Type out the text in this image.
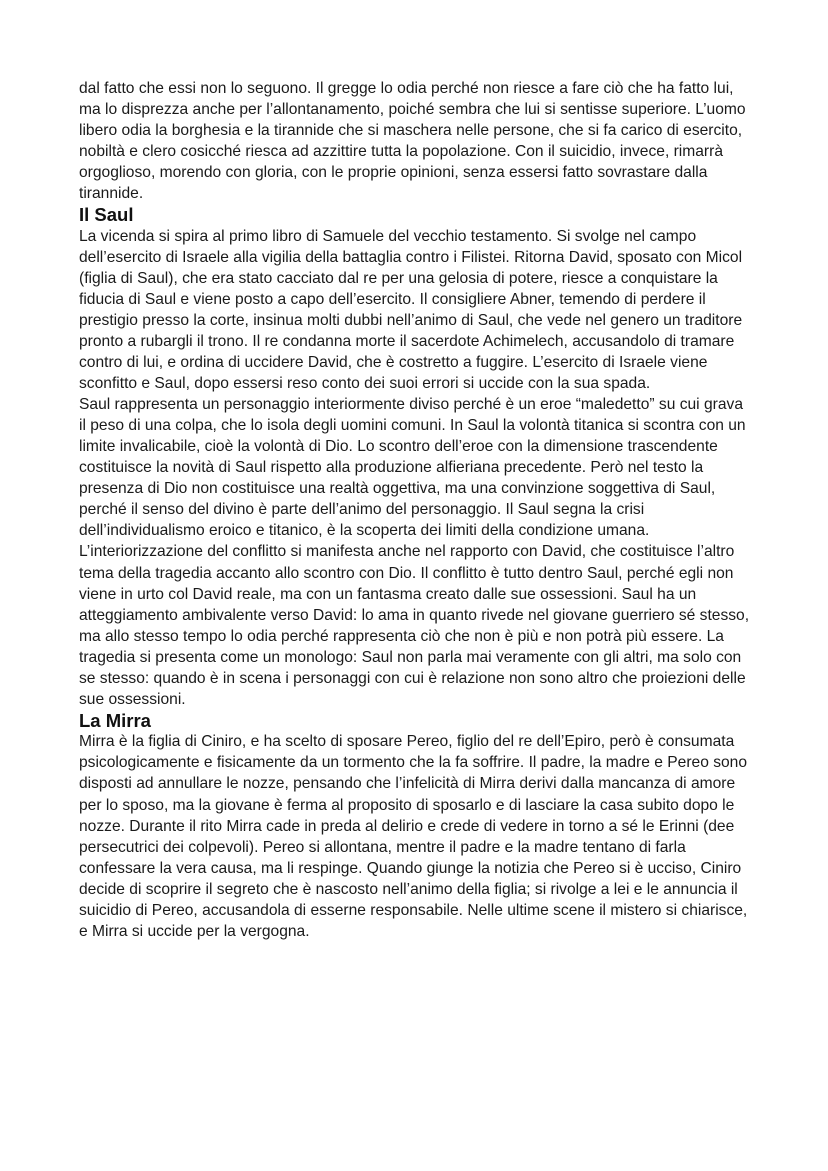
dal fatto che essi non lo seguono. Il gregge lo odia perché non riesce a fare ciò che ha fatto lui, ma lo disprezza anche per l’allontanamento, poiché sembra che lui si sentisse superiore. L’uomo libero odia la borghesia e la tirannide che si maschera nelle persone, che si fa carico di esercito, nobiltà e clero cosicché riesca ad azzittire tutta la popolazione. Con il suicidio, invece, rimarrà orgoglioso, morendo con gloria, con le proprie opinioni, senza essersi fatto sovrastare dalla tirannide.

Il Saul

La vicenda si spira al primo libro di Samuele del vecchio testamento. Si svolge nel campo dell’esercito di Israele alla vigilia della battaglia contro i Filistei. Ritorna David, sposato con Micol (figlia di Saul), che era stato cacciato dal re per una gelosia di potere, riesce a conquistare la fiducia di Saul e viene posto a capo dell’esercito. Il consigliere Abner, temendo di perdere il prestigio presso la corte, insinua molti dubbi nell’animo di Saul, che vede nel genero un traditore pronto a rubargli il trono. Il re condanna morte il sacerdote Achimelech, accusandolo di tramare contro di lui, e ordina di uccidere David, che è costretto a fuggire. L’esercito di Israele viene sconfitto e Saul, dopo essersi reso conto dei suoi errori si uccide con la sua spada.

Saul rappresenta un personaggio interiormente diviso perché è un eroe “maledetto” su cui grava il peso di una colpa, che lo isola degli uomini comuni. In Saul la volontà titanica si scontra con un limite invalicabile, cioè la volontà di Dio. Lo scontro dell’eroe con la dimensione trascendente costituisce la novità di Saul rispetto alla produzione alfieriana precedente. Però nel testo la presenza di Dio non costituisce una realtà oggettiva, ma una convinzione soggettiva di Saul, perché il senso del divino è parte dell’animo del personaggio. Il Saul segna la crisi dell’individualismo eroico e titanico, è la scoperta dei limiti della condizione umana. L’interiorizzazione del conflitto si manifesta anche nel rapporto con David, che costituisce l’altro tema della tragedia accanto allo scontro con Dio. Il conflitto è tutto dentro Saul, perché egli non viene in urto col David reale, ma con un fantasma creato dalle sue ossessioni. Saul ha un atteggiamento ambivalente verso David: lo ama in quanto rivede nel giovane guerriero sé stesso, ma allo stesso tempo lo odia perché rappresenta ciò che non è più e non potrà più essere. La tragedia si presenta come un monologo: Saul non parla mai veramente con gli altri, ma solo con se stesso: quando è in scena i personaggi con cui è relazione non sono altro che proiezioni delle sue ossessioni.

La Mirra

Mirra è la figlia di Ciniro, e ha scelto di sposare Pereo, figlio del re dell’Epiro, però è consumata psicologicamente e fisicamente da un tormento che la fa soffrire. Il padre, la madre e Pereo sono disposti ad annullare le nozze, pensando che l’infelicità di Mirra derivi dalla mancanza di amore per lo sposo, ma la giovane è ferma al proposito di sposarlo e di lasciare la casa subito dopo le nozze. Durante il rito Mirra cade in preda al delirio e crede di vedere in torno a sé le Erinni (dee persecutrici dei colpevoli). Pereo si allontana, mentre il padre e la madre tentano di farla confessare la vera causa, ma li respinge. Quando giunge la notizia che Pereo si è ucciso, Ciniro decide di scoprire il segreto che è nascosto nell’animo della figlia; si rivolge a lei e le annuncia il suicidio di Pereo, accusandola di esserne responsabile. Nelle ultime scene il mistero si chiarisce, e Mirra si uccide per la vergogna.
